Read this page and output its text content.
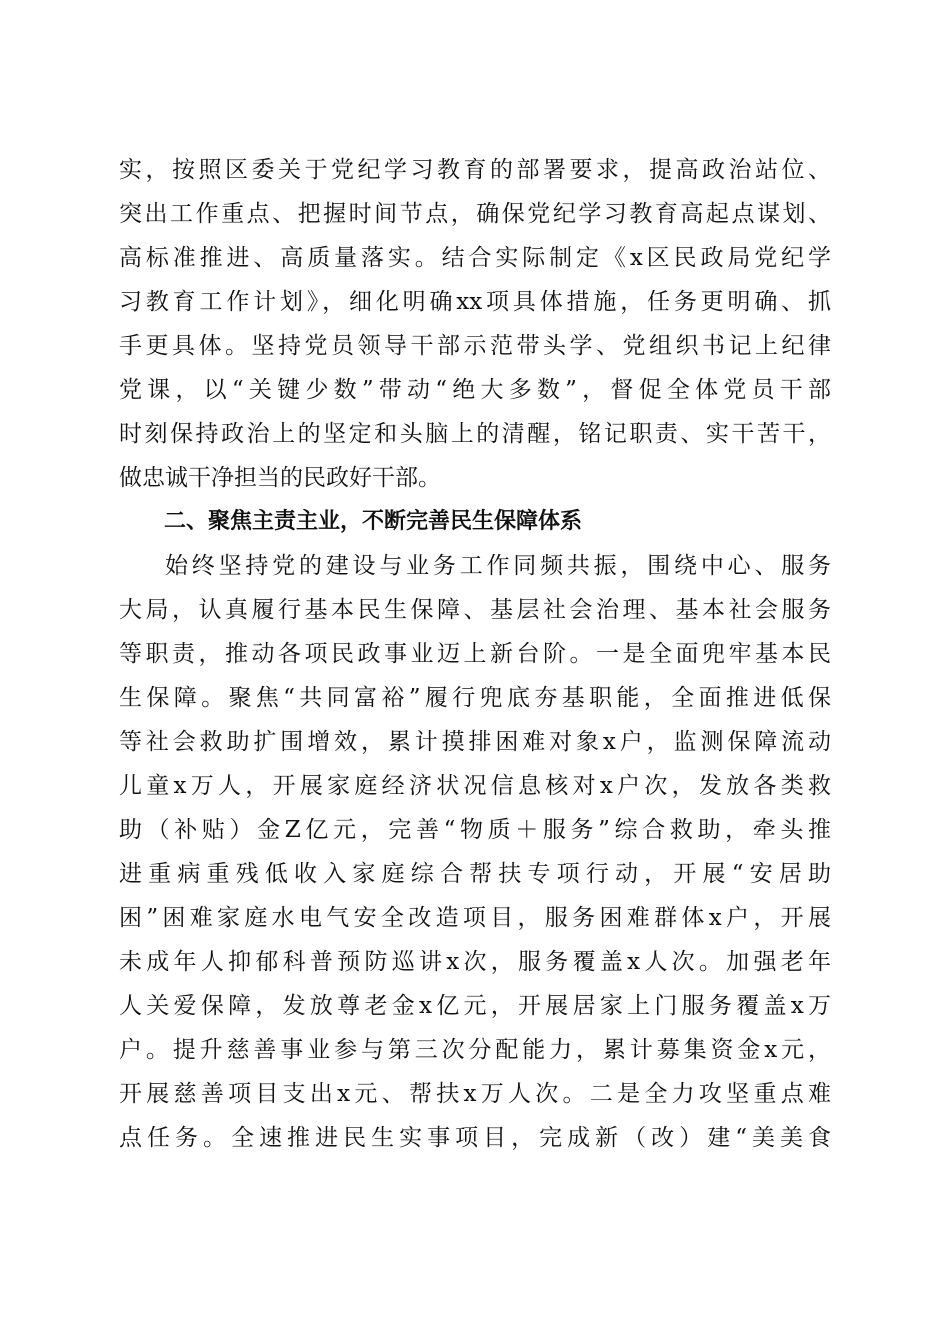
实，按照区委关于党纪学习教育的部署要求，提高政治站位、
突出工作重点、把握时间节点，确保党纪学习教育高起点谋划、
高标准推进、高质量落实。结合实际制定《x区民政局党纪学
习教育工作计划》，细化明确xx项具体措施，任务更明确、抓
手更具体。坚持党员领导干部示范带头学、党组织书记上纪律
党课，以“关键少数”带动“绝大多数”，督促全体党员干部
时刻保持政治上的坚定和头脑上的清醒，铭记职责、实干苦干，
做忠诚干净担当的民政好干部。
二、聚焦主责主业，不断完善民生保障体系
始终坚持党的建设与业务工作同频共振，围绕中心、服务
大局，认真履行基本民生保障、基层社会治理、基本社会服务
等职责，推动各项民政事业迈上新台阶。一是全面兜牢基本民
生保障。聚焦“共同富裕”履行兜底夯基职能，全面推进低保
等社会救助扩围增效，累计摸排困难对象x户，监测保障流动
儿童x万人，开展家庭经济状况信息核对x户次，发放各类救
助（补贴）金Z亿元，完善“物质＋服务”综合救助，牵头推
进重病重残低收入家庭综合帮扶专项行动，开展“安居助
困”困难家庭水电气安全改造项目，服务困难群体x户，开展
未成年人抑郁科普预防巡讲x次，服务覆盖x人次。加强老年
人关爱保障，发放尊老金x亿元，开展居家上门服务覆盖x万
户。提升慈善事业参与第三次分配能力，累计募集资金x元，
开展慈善项目支出x元、帮扶x万人次。二是全力攻坚重点难
点任务。全速推进民生实事项目，完成新（改）建“美美食
